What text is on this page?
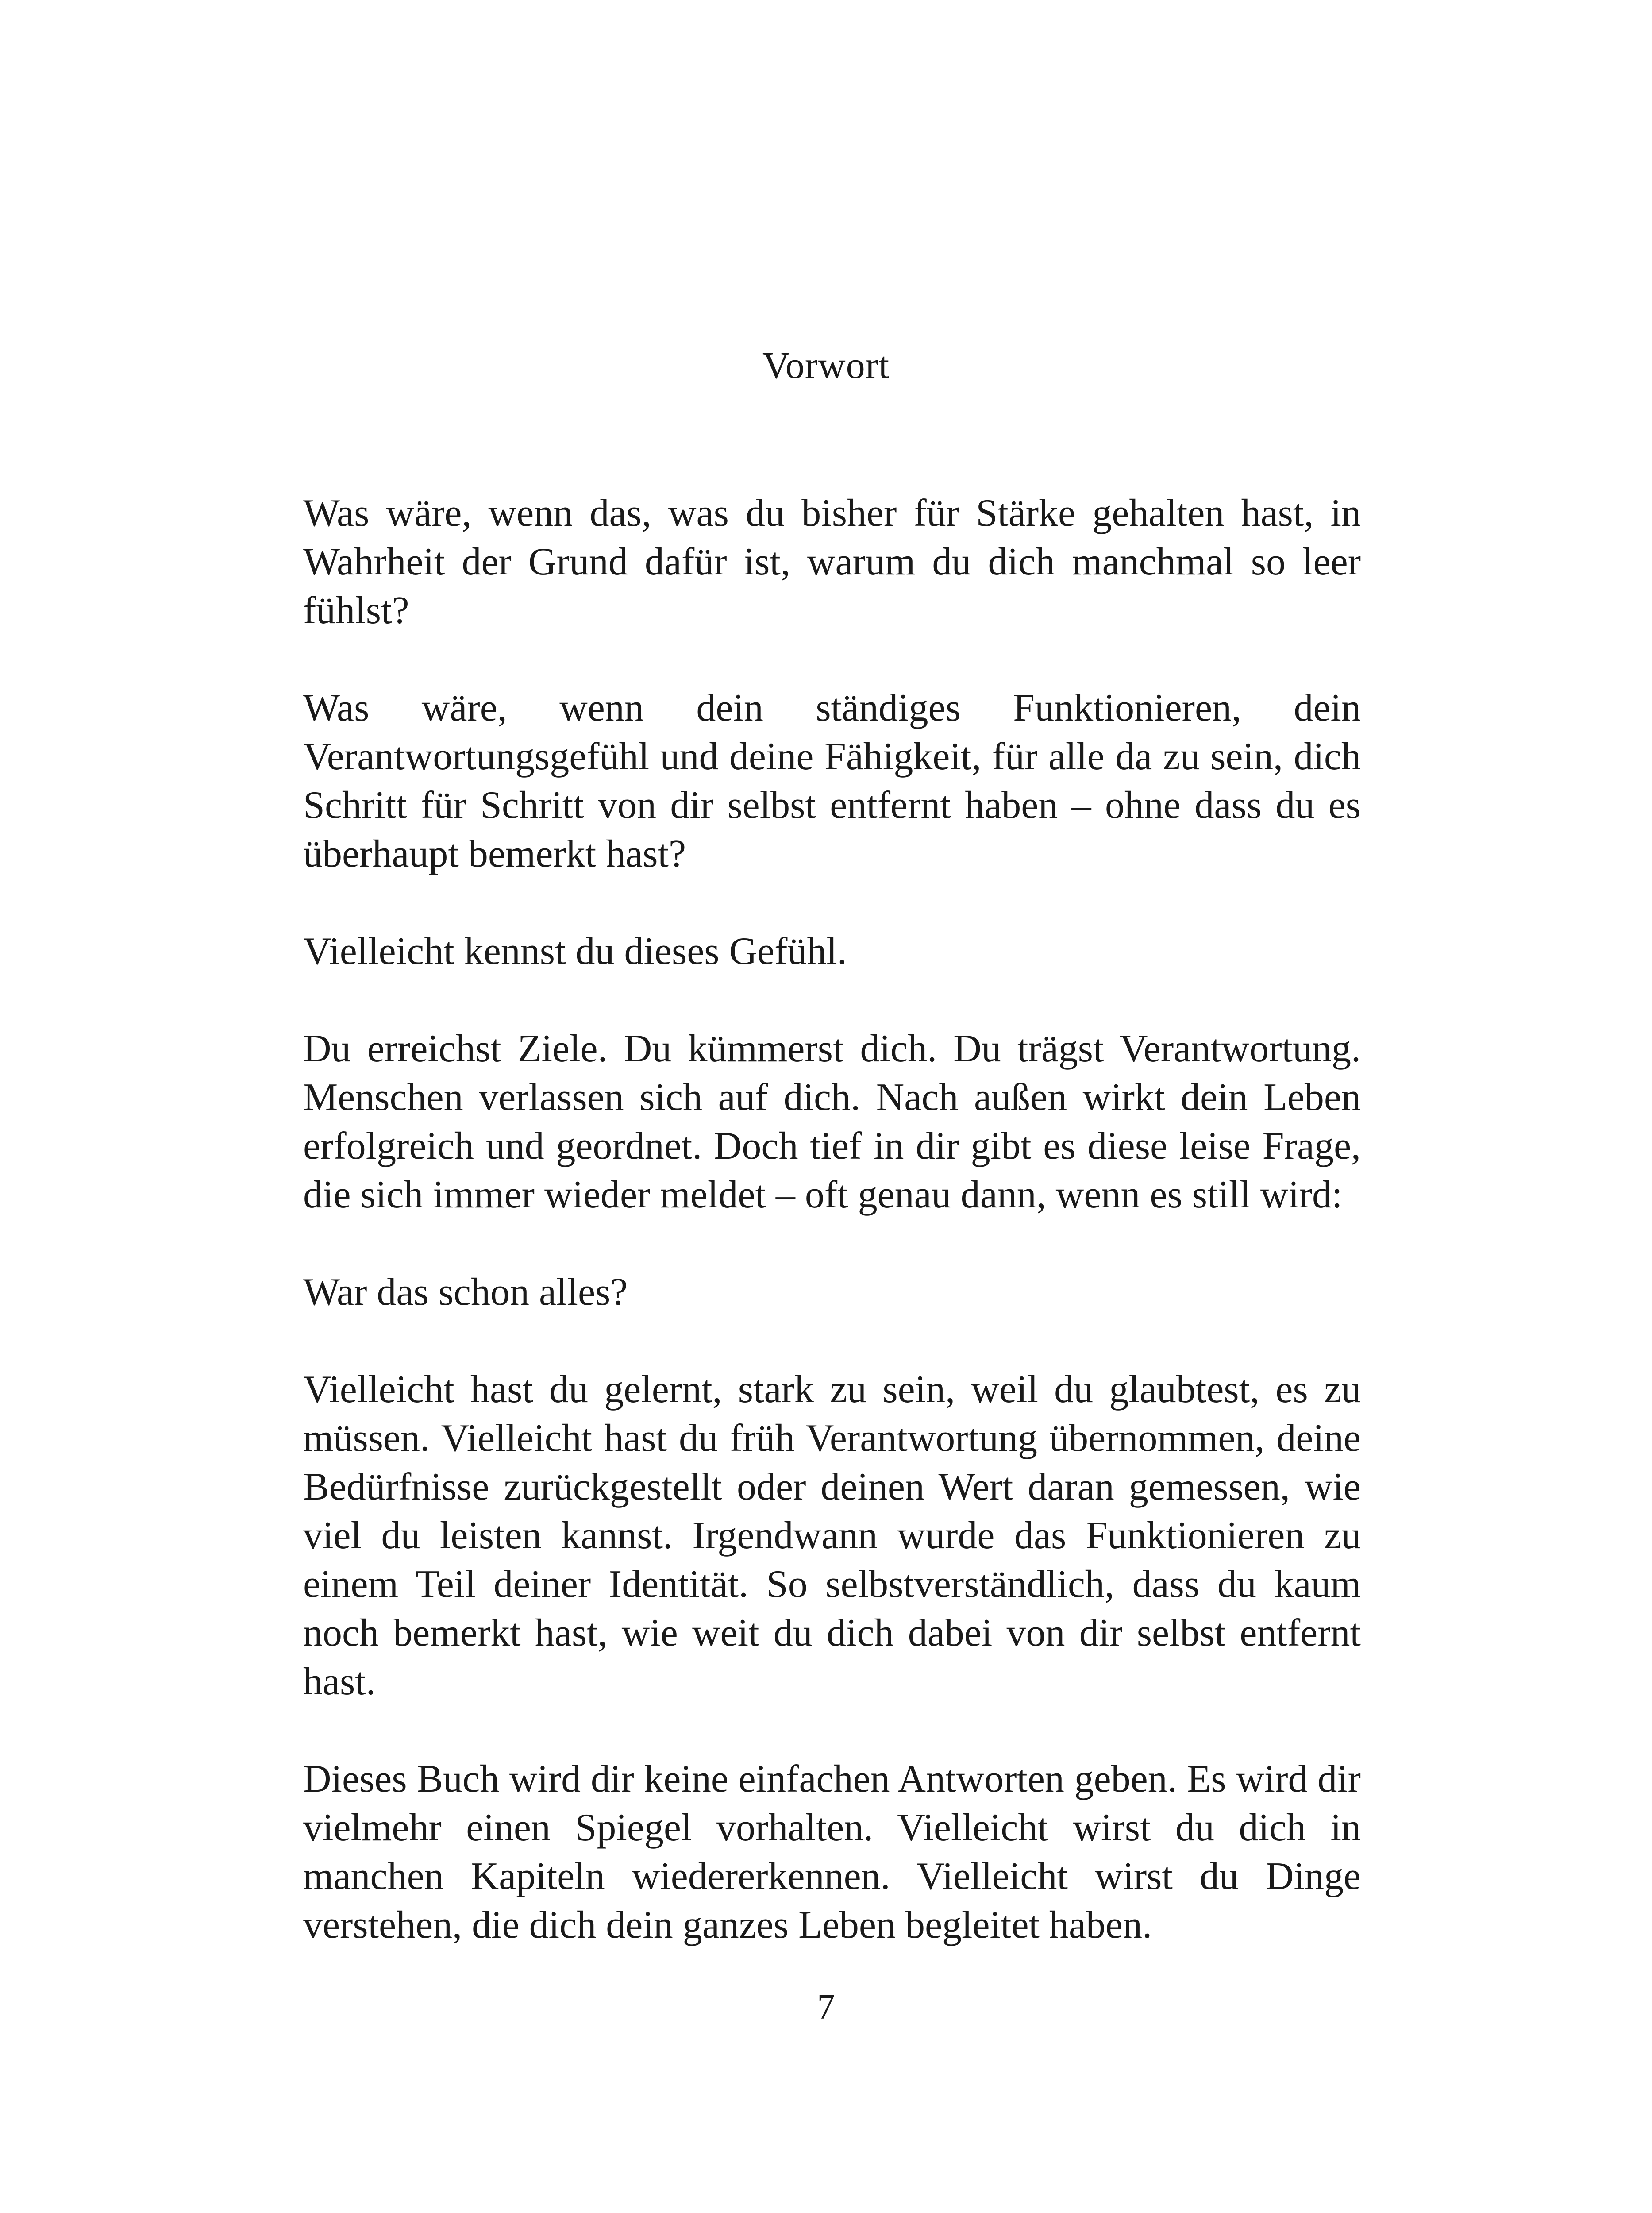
Vorwort

Was wäre, wenn das, was du bisher für Stärke gehalten hast, in Wahrheit der Grund dafür ist, warum du dich manchmal so leer fühlst?

Was wäre, wenn dein ständiges Funktionieren, dein Verantwortungsgefühl und deine Fähigkeit, für alle da zu sein, dich Schritt für Schritt von dir selbst entfernt haben – ohne dass du es überhaupt bemerkt hast?

Vielleicht kennst du dieses Gefühl.

Du erreichst Ziele. Du kümmerst dich. Du trägst Verantwortung. Menschen verlassen sich auf dich. Nach außen wirkt dein Leben erfolgreich und geordnet. Doch tief in dir gibt es diese leise Frage, die sich immer wieder meldet – oft genau dann, wenn es still wird:

War das schon alles?

Vielleicht hast du gelernt, stark zu sein, weil du glaubtest, es zu müssen. Vielleicht hast du früh Verantwortung übernommen, deine Bedürfnisse zurückgestellt oder deinen Wert daran gemessen, wie viel du leisten kannst. Irgendwann wurde das Funktionieren zu einem Teil deiner Identität. So selbstverständlich, dass du kaum noch bemerkt hast, wie weit du dich dabei von dir selbst entfernt hast.

Dieses Buch wird dir keine einfachen Antworten geben. Es wird dir vielmehr einen Spiegel vorhalten. Vielleicht wirst du dich in manchen Kapiteln wiedererkennen. Vielleicht wirst du Dinge verstehen, die dich dein ganzes Leben begleitet haben.

7
